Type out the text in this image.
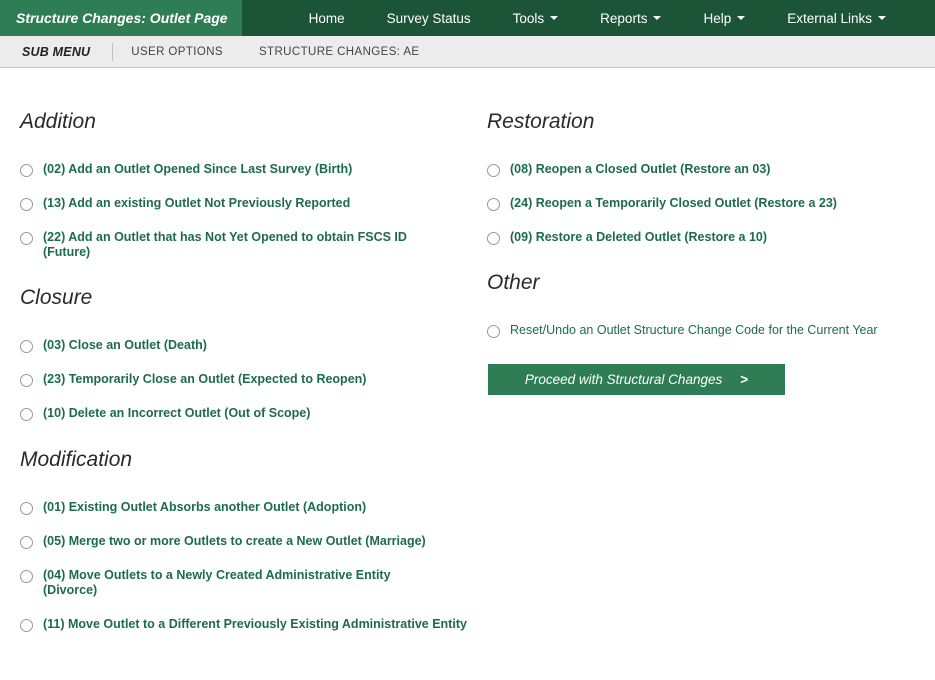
Structure Changes: Outlet Page	Home	Survey Status	Tools	Reports	Help	External Links
SUB MENU	USER OPTIONS	STRUCTURE CHANGES: AE
Addition
(02) Add an Outlet Opened Since Last Survey (Birth)
(13) Add an existing Outlet Not Previously Reported
(22) Add an Outlet that has Not Yet Opened to obtain FSCS ID (Future)
Closure
(03) Close an Outlet (Death)
(23) Temporarily Close an Outlet (Expected to Reopen)
(10) Delete an Incorrect Outlet (Out of Scope)
Modification
(01) Existing Outlet Absorbs another Outlet (Adoption)
(05) Merge two or more Outlets to create a New Outlet (Marriage)
(04) Move Outlets to a Newly Created Administrative Entity (Divorce)
(11) Move Outlet to a Different Previously Existing Administrative Entity
Restoration
(08) Reopen a Closed Outlet (Restore an 03)
(24) Reopen a Temporarily Closed Outlet (Restore a 23)
(09) Restore a Deleted Outlet (Restore a 10)
Other
Reset/Undo an Outlet Structure Change Code for the Current Year
Proceed with Structural Changes >
